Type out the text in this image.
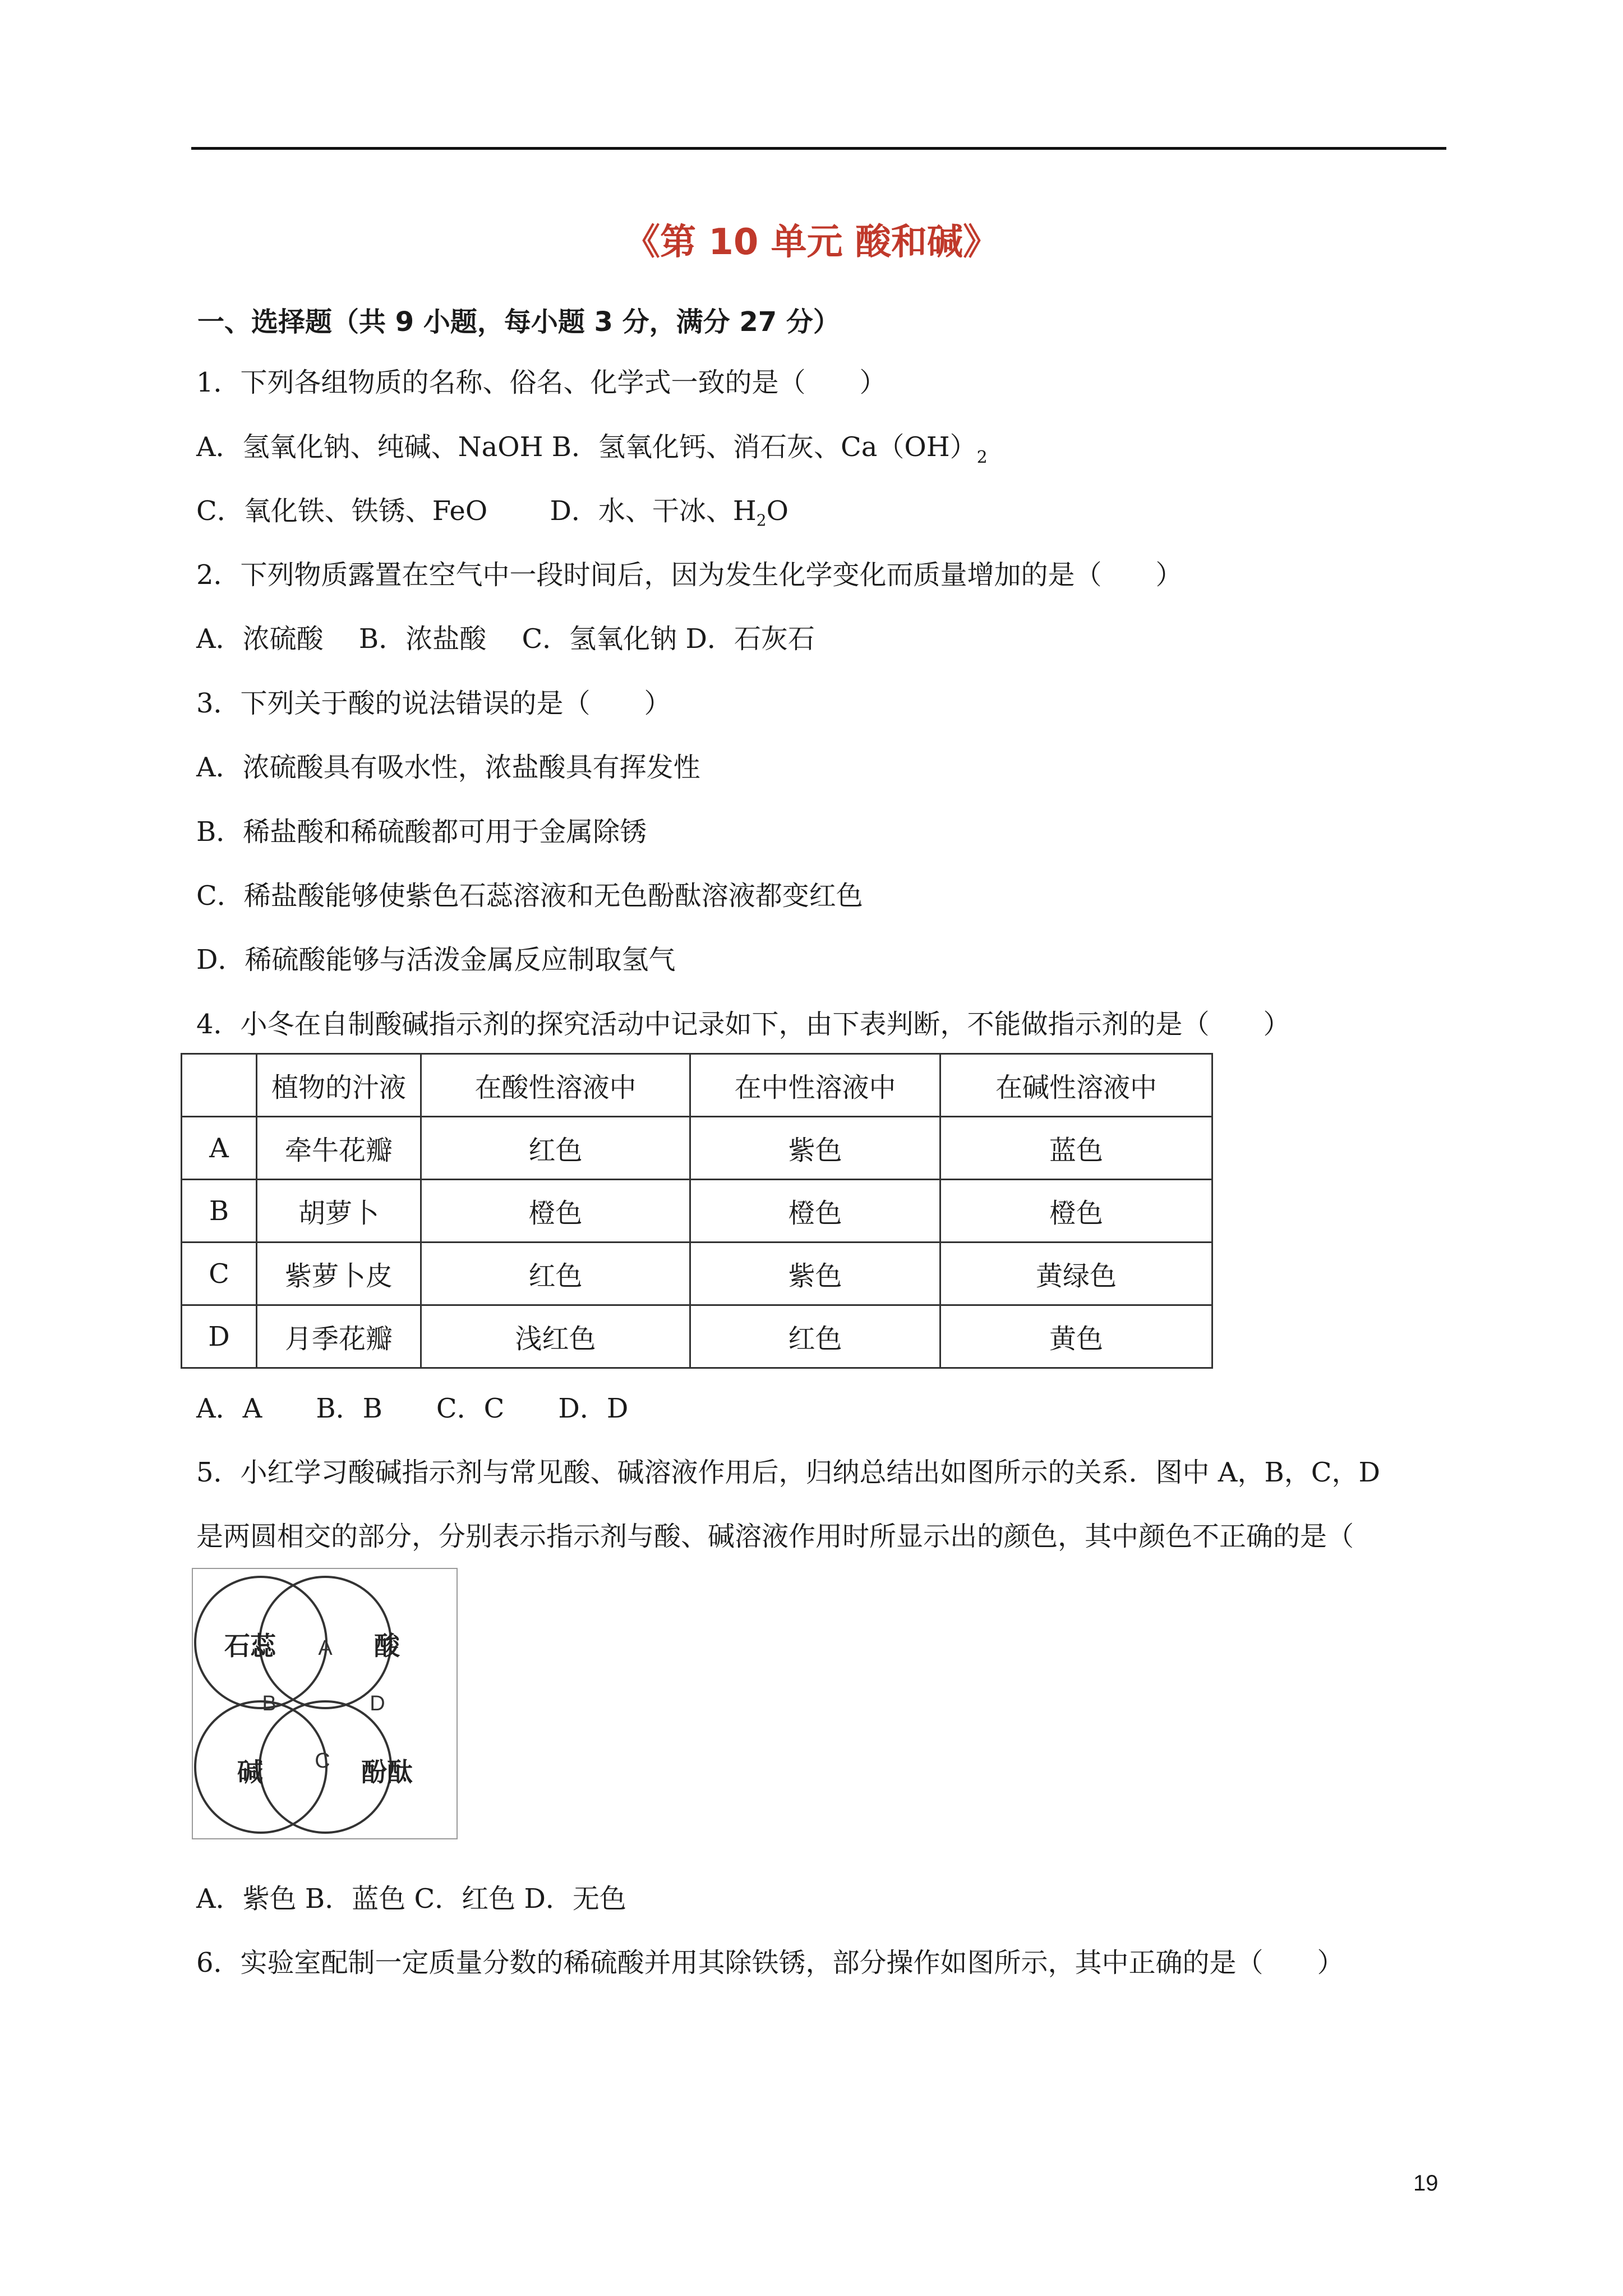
《第 10 单元 酸和碱》
一、选择题（共 9 小题，每小题 3 分，满分 27 分）
1．下列各组物质的名称、俗名、化学式一致的是（　　）
A．氢氧化钠、纯碱、NaOH B．氢氧化钙、消石灰、$Ca(OH)_2$
C．氧化铁、铁锈、FeO　　 D．水、干冰、$H_2O$
2．下列物质露置在空气中一段时间后，因为发生化学变化而质量增加的是（　　）
A．浓硫酸　 B．浓盐酸　 C．氢氧化钠 D．石灰石
3．下列关于酸的说法错误的是（　　）
A．浓硫酸具有吸水性，浓盐酸具有挥发性
B．稀盐酸和稀硫酸都可用于金属除锈
C．稀盐酸能够使紫色石蕊溶液和无色酚酞溶液都变红色
D．稀硫酸能够与活泼金属反应制取氢气
4．小冬在自制酸碱指示剂的探究活动中记录如下，由下表判断，不能做指示剂的是（　　）
	植物的汁液	在酸性溶液中	在中性溶液中	在碱性溶液中
A	牵牛花瓣	红色	紫色	蓝色
B	胡萝卜	橙色	橙色	橙色
C	紫萝卜皮	红色	紫色	黄绿色
D	月季花瓣	浅红色	红色	黄色
A．A　　B．B　　C．C　　D．D
5．小红学习酸碱指示剂与常见酸、碱溶液作用后，归纳总结出如图所示的关系．图中 A，B，C，D
是两圆相交的部分，分别表示指示剂与酸、碱溶液作用时所显示出的颜色，其中颜色不正确的是（
石蕊	酸
碱	酚酞
A
B
C
D
A．紫色 B．蓝色 C．红色 D．无色
6．实验室配制一定质量分数的稀硫酸并用其除铁锈，部分操作如图所示，其中正确的是（　　）
19
